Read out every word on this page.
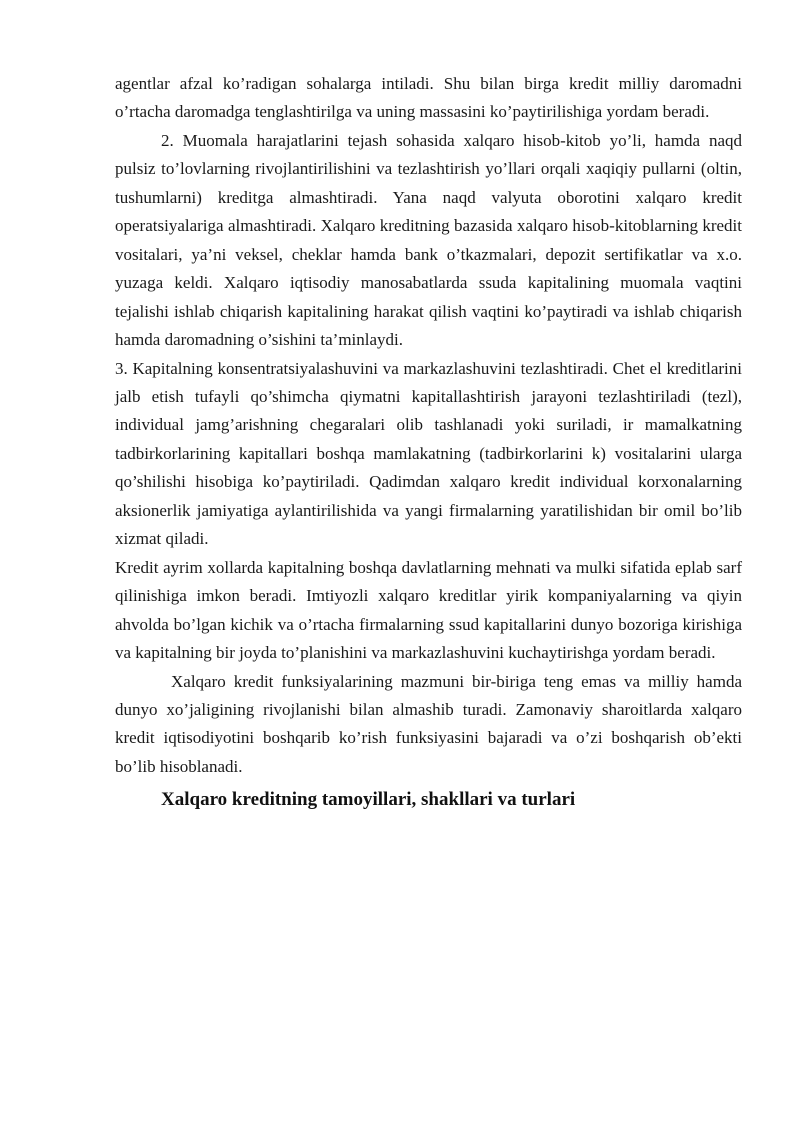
agentlar afzal ko’radigan sohalarga intiladi. Shu bilan birga kredit milliy daromadni o’rtacha daromadga tenglashtirilga va uning massasini ko’paytirilishiga yordam beradi.

2. Muomala harajatlarini tejash sohasida xalqaro hisob-kitob yo’li, hamda naqd pulsiz to’lovlarning rivojlantirilishini va tezlashtirish yo’llari orqali xaqiqiy pullarni (oltin, tushumlarni) kreditga almashtiradi. Yana naqd valyuta oborotini xalqaro kredit operatsiyalariga almashtiradi. Xalqaro kreditning bazasida xalqaro hisob-kitoblarning kredit vositalari, ya’ni veksel, cheklar hamda bank o’tkazmalari, depozit sertifikatlar va x.o. yuzaga keldi. Xalqaro iqtisodiy manosabatlarda ssuda kapitalining muomala vaqtini tejalishi ishlab chiqarish kapitalining harakat qilish vaqtini ko’paytiradi va ishlab chiqarish hamda daromadning o’sishini ta’minlaydi.

3. Kapitalning konsentratsiyalashuvini va markazlashuvini tezlashtiradi. Chet el kreditlarini jalb etish tufayli qo’shimcha qiymatni kapitallashtirish jarayoni tezlashtiriladi (tezl), individual jamg’arishning chegaralari olib tashlanadi yoki suriladi, ir mamalkatning tadbirkorlarining kapitallari boshqa mamlakatning (tadbirkorlarini k) vositalarini ularga qo’shilishi hisobiga ko’paytiriladi. Qadimdan xalqaro kredit individual korxonalarning aksionerlik jamiyatiga aylantirilishida va yangi firmalarning yaratilishidan bir omil bo’lib xizmat qiladi.

Kredit ayrim xollarda kapitalning boshqa davlatlarning mehnati va mulki sifatida eplab sarf qilinishiga imkon beradi. Imtiyozli xalqaro kreditlar yirik kompaniyalarning va qiyin ahvolda bo’lgan kichik va o’rtacha firmalarning ssud kapitallarini dunyo bozoriga kirishiga va kapitalning bir joyda to’planishini va markazlashuvini kuchaytirishga yordam beradi.

Xalqaro kredit funksiyalarining mazmuni bir-biriga teng emas va milliy hamda dunyo xo’jaligining rivojlanishi bilan almashib turadi. Zamonaviy sharoitlarda xalqaro kredit iqtisodiyotini boshqarib ko’rish funksiyasini bajaradi va o’zi boshqarish ob’ekti bo’lib hisoblanadi.

Xalqaro kreditning tamoyillari, shakllari va turlari
